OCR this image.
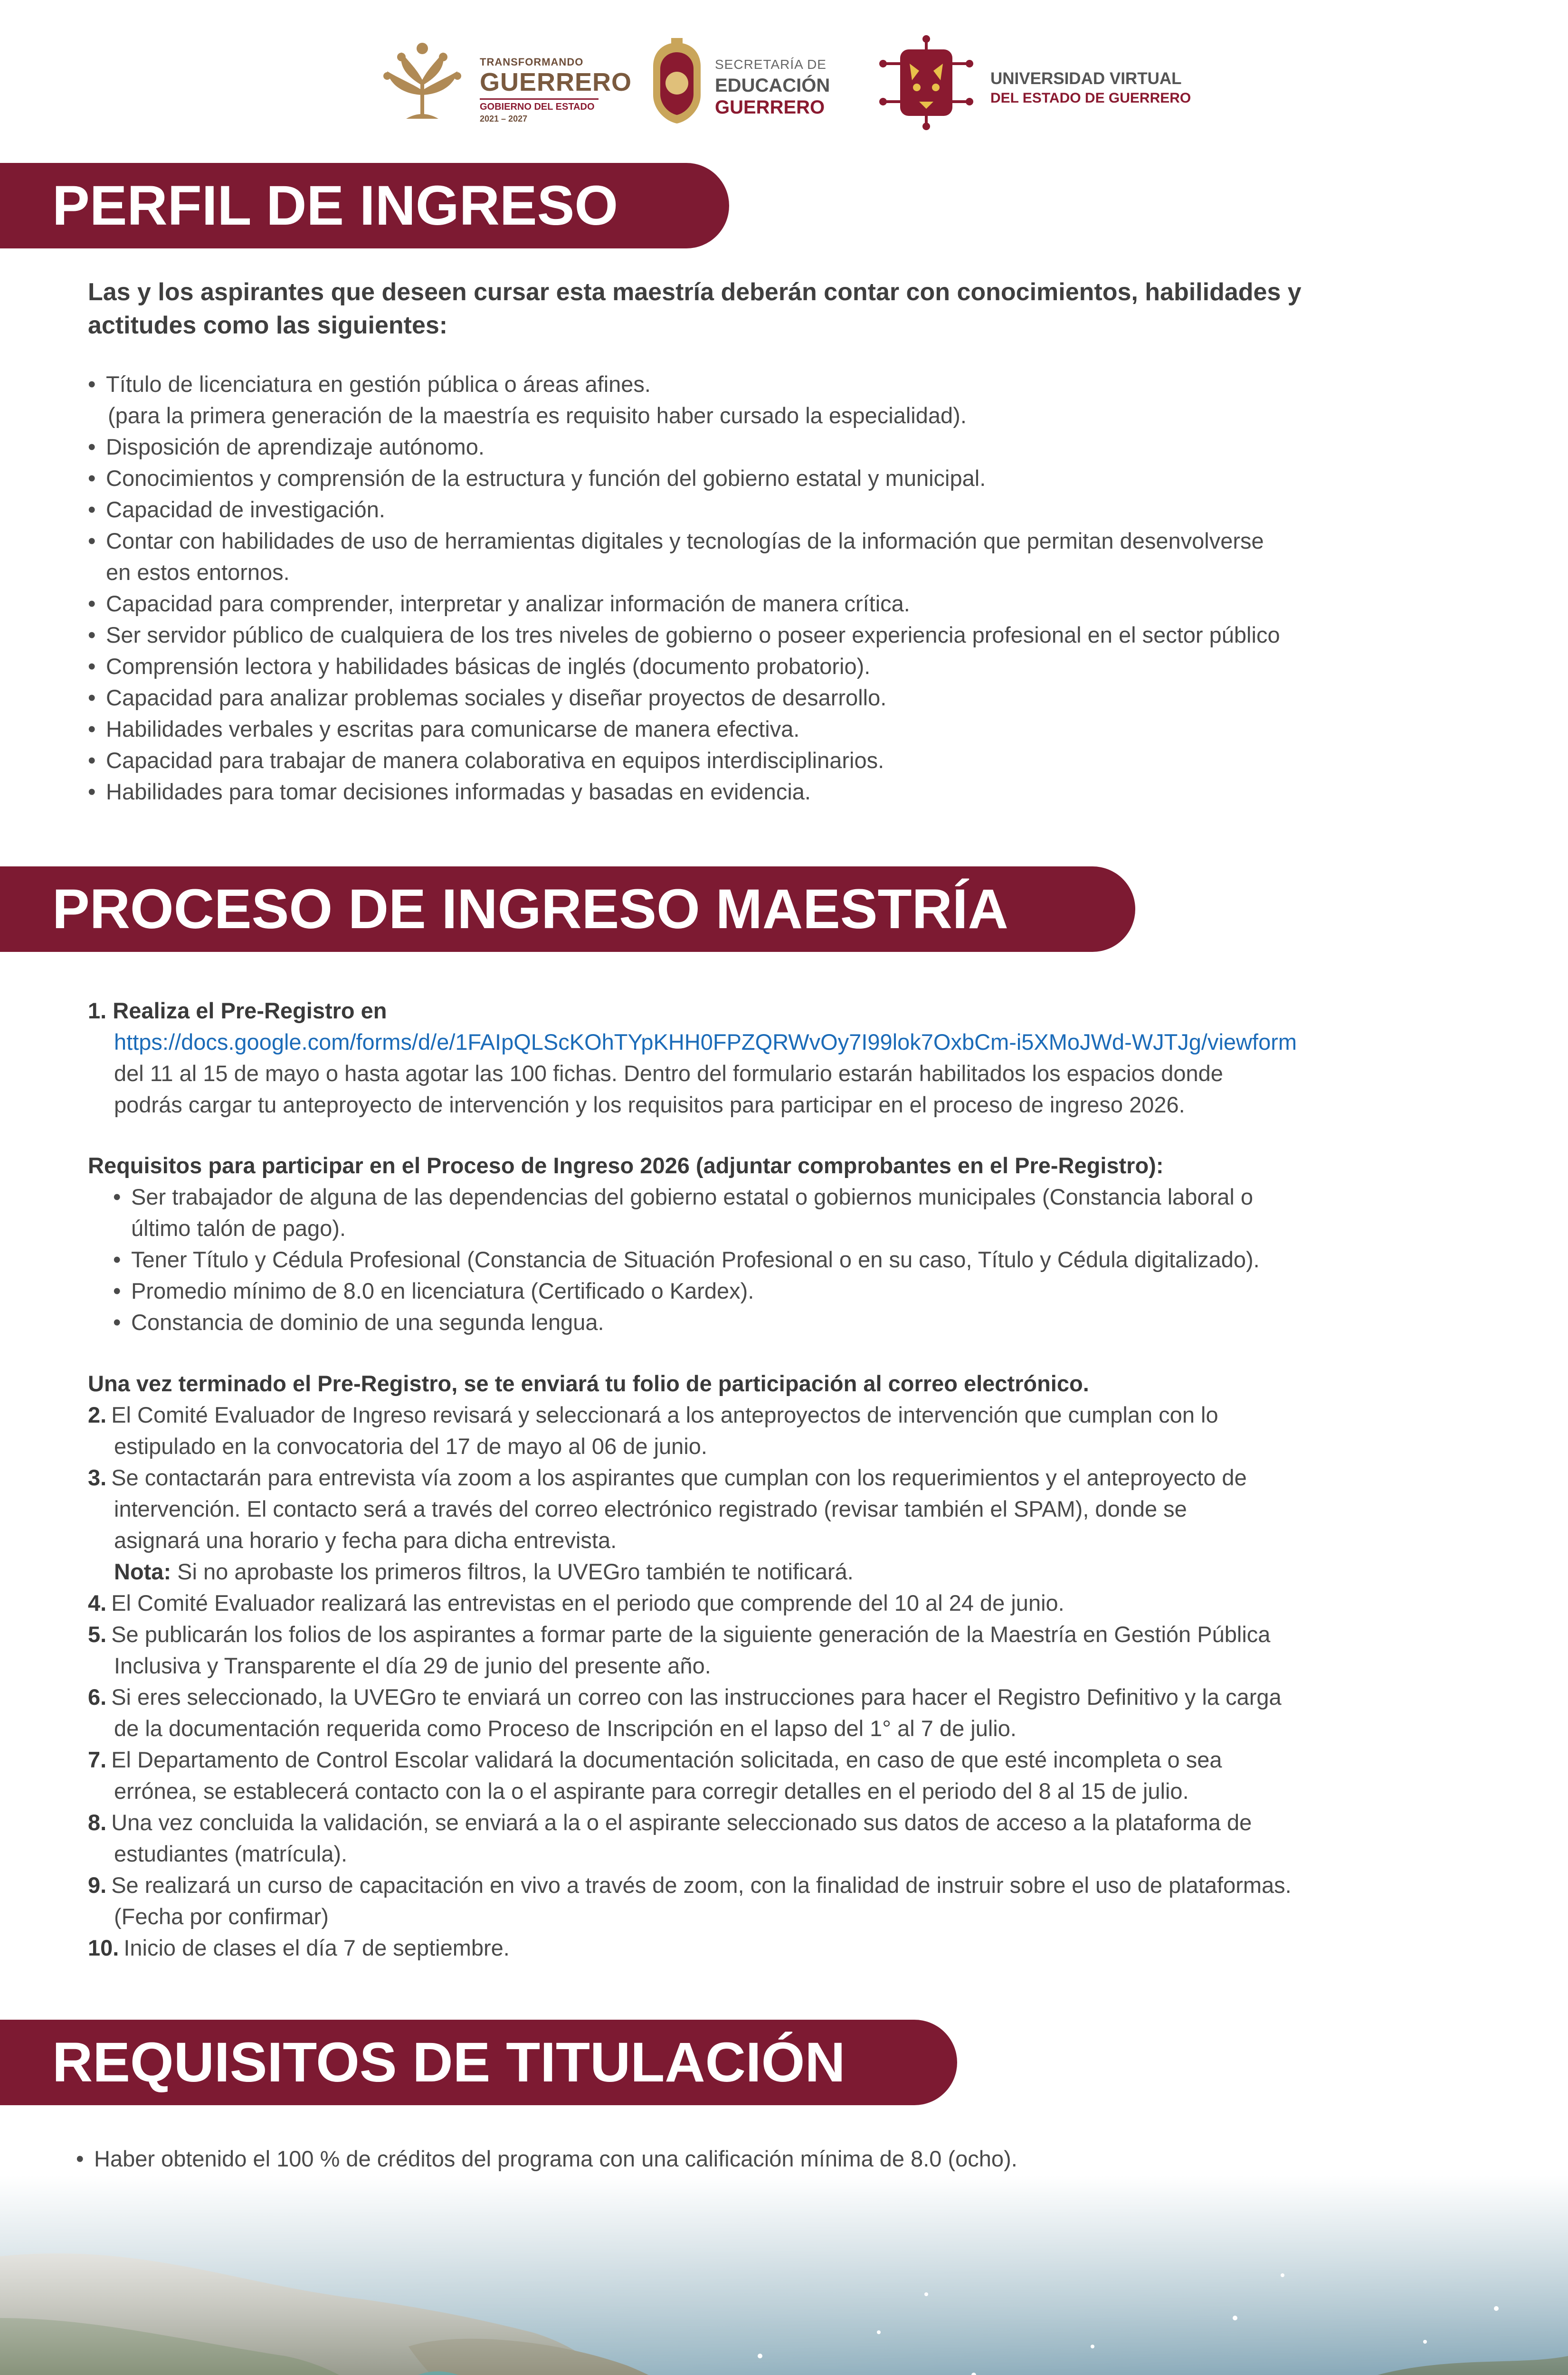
TRANSFORMANDO
GUERRERO
GOBIERNO DEL ESTADO
2021 – 2027
SECRETARÍA DE
EDUCACIÓN
GUERRERO
UNIVERSIDAD VIRTUAL
DEL ESTADO DE GUERRERO
PERFIL DE INGRESO
Las y los aspirantes que deseen cursar esta maestría deberán contar con conocimientos, habilidades y
actitudes como las siguientes:
• Título de licenciatura en gestión pública o áreas afines.
(para la primera generación de la maestría es requisito haber cursado la especialidad).
• Disposición de aprendizaje autónomo.
• Conocimientos y comprensión de la estructura y función del gobierno estatal y municipal.
• Capacidad de investigación.
• Contar con habilidades de uso de herramientas digitales y tecnologías de la información que permitan desenvolverse
en estos entornos.
• Capacidad para comprender, interpretar y analizar información de manera crítica.
• Ser servidor público de cualquiera de los tres niveles de gobierno o poseer experiencia profesional en el sector público
• Comprensión lectora y habilidades básicas de inglés (documento probatorio).
• Capacidad para analizar problemas sociales y diseñar proyectos de desarrollo.
• Habilidades verbales y escritas para comunicarse de manera efectiva.
• Capacidad para trabajar de manera colaborativa en equipos interdisciplinarios.
• Habilidades para tomar decisiones informadas y basadas en evidencia.
PROCESO DE INGRESO MAESTRÍA
1. Realiza el Pre-Registro en
https://docs.google.com/forms/d/e/1FAIpQLScKOhTYpKHH0FPZQRWvOy7I99lok7OxbCm-i5XMoJWd-WJTJg/viewform
del 11 al 15 de mayo o hasta agotar las 100 fichas. Dentro del formulario estarán habilitados los espacios donde
podrás cargar tu anteproyecto de intervención y los requisitos para participar en el proceso de ingreso 2026.
Requisitos para participar en el Proceso de Ingreso 2026 (adjuntar comprobantes en el Pre-Registro):
• Ser trabajador de alguna de las dependencias del gobierno estatal o gobiernos municipales (Constancia laboral o
último talón de pago).
• Tener Título y Cédula Profesional (Constancia de Situación Profesional o en su caso, Título y Cédula digitalizado).
• Promedio mínimo de 8.0 en licenciatura (Certificado o Kardex).
• Constancia de dominio de una segunda lengua.
Una vez terminado el Pre-Registro, se te enviará tu folio de participación al correo electrónico.
2. El Comité Evaluador de Ingreso revisará y seleccionará a los anteproyectos de intervención que cumplan con lo
estipulado en la convocatoria del 17 de mayo al 06 de junio.
3. Se contactarán para entrevista vía zoom a los aspirantes que cumplan con los requerimientos y el anteproyecto de
intervención. El contacto será a través del correo electrónico registrado (revisar también el SPAM), donde se
asignará una horario y fecha para dicha entrevista.
Nota: Si no aprobaste los primeros filtros, la UVEGro también te notificará.
4. El Comité Evaluador realizará las entrevistas en el periodo que comprende del 10 al 24 de junio.
5. Se publicarán los folios de los aspirantes a formar parte de la siguiente generación de la Maestría en Gestión Pública
Inclusiva y Transparente el día 29 de junio del presente año.
6. Si eres seleccionado, la UVEGro te enviará un correo con las instrucciones para hacer el Registro Definitivo y la carga
de la documentación requerida como Proceso de Inscripción en el lapso del 1° al 7 de julio.
7. El Departamento de Control Escolar validará la documentación solicitada, en caso de que esté incompleta o sea
errónea, se establecerá contacto con la o el aspirante para corregir detalles en el periodo del 8 al 15 de julio.
8. Una vez concluida la validación, se enviará a la o el aspirante seleccionado sus datos de acceso a la plataforma de
estudiantes (matrícula).
9. Se realizará un curso de capacitación en vivo a través de zoom, con la finalidad de instruir sobre el uso de plataformas.
(Fecha por confirmar)
10. Inicio de clases el día 7 de septiembre.
REQUISITOS DE TITULACIÓN
• Haber obtenido el 100 % de créditos del programa con una calificación mínima de 8.0 (ocho).
•
